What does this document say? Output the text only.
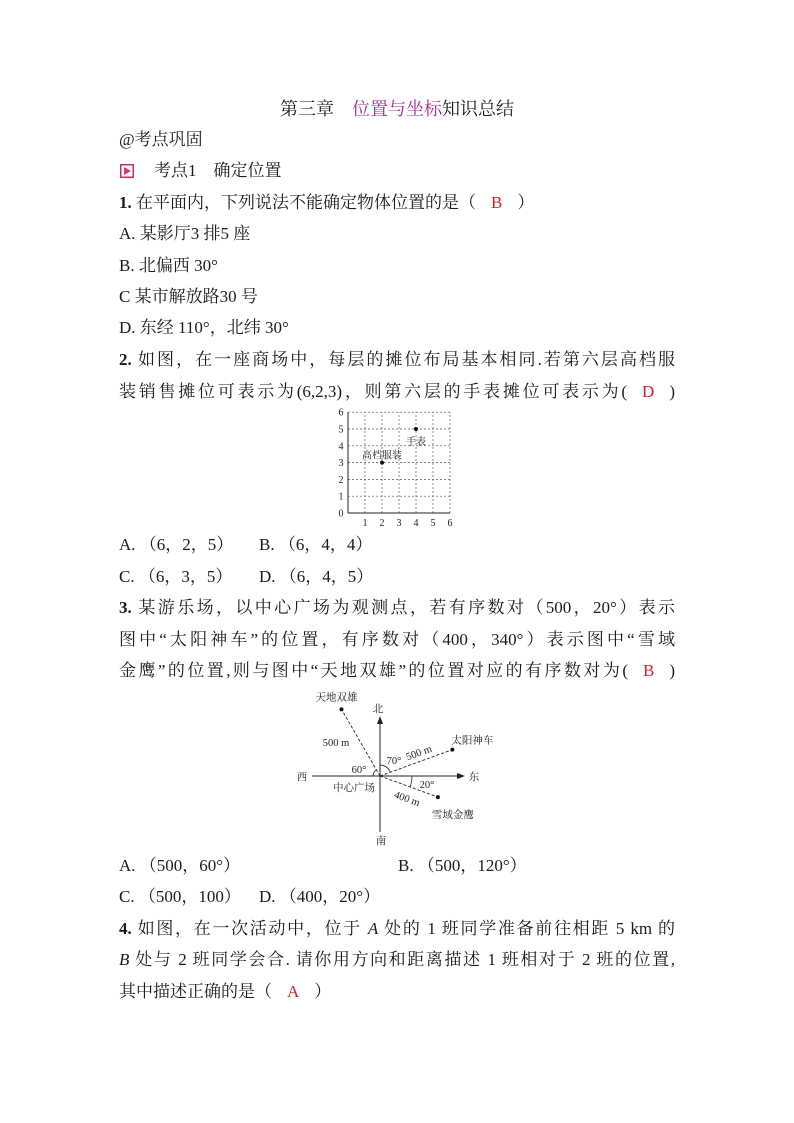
第三章 位置与坐标知识总结
@考点巩固
考点1　确定位置
1. 在平面内，下列说法不能确定物体位置的是（ B ）
A. 某影厅3 排5 座
B. 北偏西 30°
C 某市解放路30 号
D. 东经 110°，北纬 30°
2. 如图，在一座商场中，每层的摊位布局基本相同.若第六层高档服
装销售摊位可表示为(6,2,3)，则第六层的手表摊位可表示为( D )
1 2 3 4 5 6
0
1
2
3
4
5
6
手表
高档服装
A. （6，2，5） B. （6，4，4）
C. （6，3，5） D. （6，4，5）
3. 某游乐场，以中心广场为观测点，若有序数对（500，20°）表示
图中“太阳神车”的位置，有序数对（400，340°）表示图中“雪域
金鹰”的位置,则与图中“天地双雄”的位置对应的有序数对为( B )
北
南
西	东
中心广场
天地双雄
500 m	太阳神车
500 m
雪域金鹰
400 m
60°
70°
20°
A. （500，60°）	B. （500，120°）
C. （500，100） D. （400，20°）
4. 如图，在一次活动中，位于 A 处的 1 班同学准备前往相距 5 km 的
B 处与 2 班同学会合. 请你用方向和距离描述 1 班相对于 2 班的位置,
其中描述正确的是（ A ）
